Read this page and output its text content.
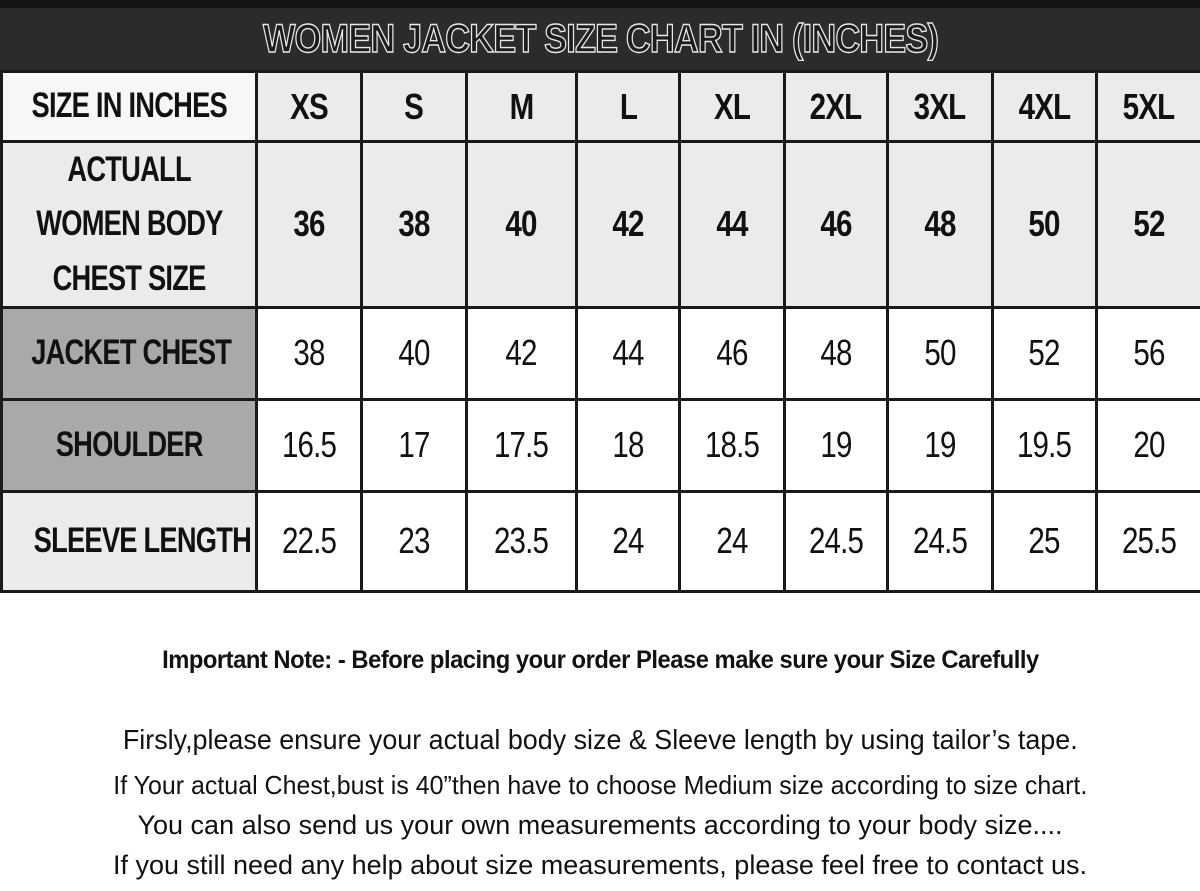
WOMEN JACKET SIZE CHART IN (INCHES)
SIZE IN INCHES	XS	S	M	L	XL	2XL	3XL	4XL	5XL
ACTUALL
WOMEN BODY
CHEST SIZE	36	38	40	42	44	46	48	50	52
JACKET CHEST	38	40	42	44	46	48	50	52	56
SHOULDER	16.5	17	17.5	18	18.5	19	19	19.5	20
SLEEVE LENGTH	22.5	23	23.5	24	24	24.5	24.5	25	25.5
Important Note: - Before placing your order Please make sure your Size Carefully
Firsly,please ensure your actual body size & Sleeve length by using tailor’s tape.
If Your actual Chest,bust is 40”then have to choose Medium size according to size chart.
You can also send us your own measurements according to your body size....
If you still need any help about size measurements, please feel free to contact us.
